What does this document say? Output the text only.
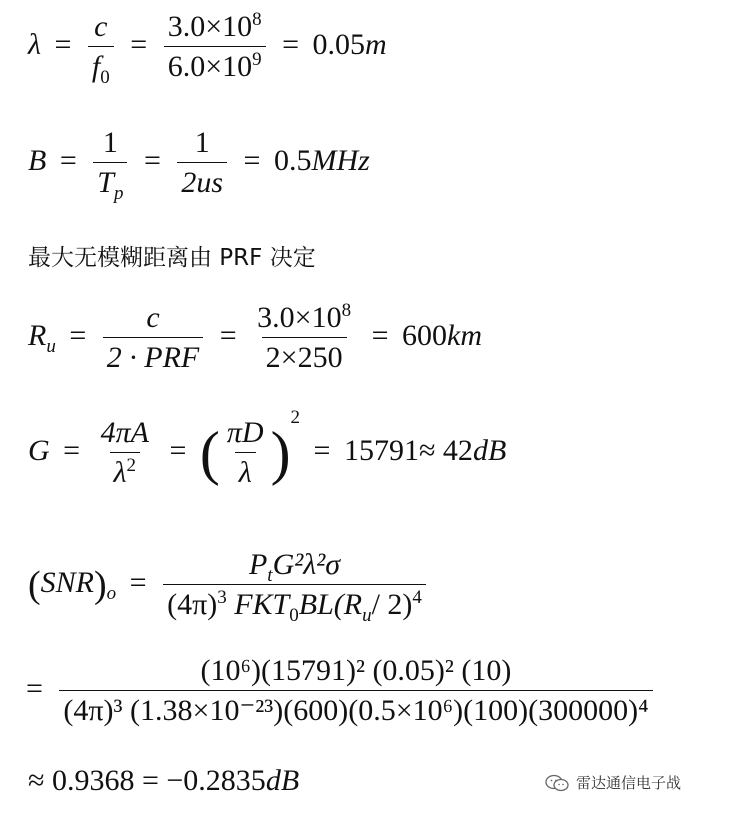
$\lambda = \frac{c}{f_0} = \frac{3.0\times 10^8}{6.0\times 10^9} = 0.05m$
$B = \frac{1}{T_p} = \frac{1}{2us} = 0.5MHz$
最大无模糊距离由 PRF 决定
$R_u = \frac{c}{\text{2 · PRF}} = \frac{3.0\times 10^8}{2\times 250} = 600km$
$G = \frac{4\pi A}{\lambda^2}$ = ( $\frac{\pi D}{\lambda} )^2 = 15791\approx 42dB$
$(SNR)_o = \frac{P_tG^2\lambda^2\sigma}{(4\pi)^3 FKT_0BL(R_u/ 2)^4}$
= $\frac{\text{(10⁶)(15791)² (0.05)² (10)}}{\text{(4π)³ (1.38×10⁻²³)(600)(0.5×10⁶)(100)(300000)⁴}}$
≈ 0.9368 = −0.2835dB	雷达通信电子战
